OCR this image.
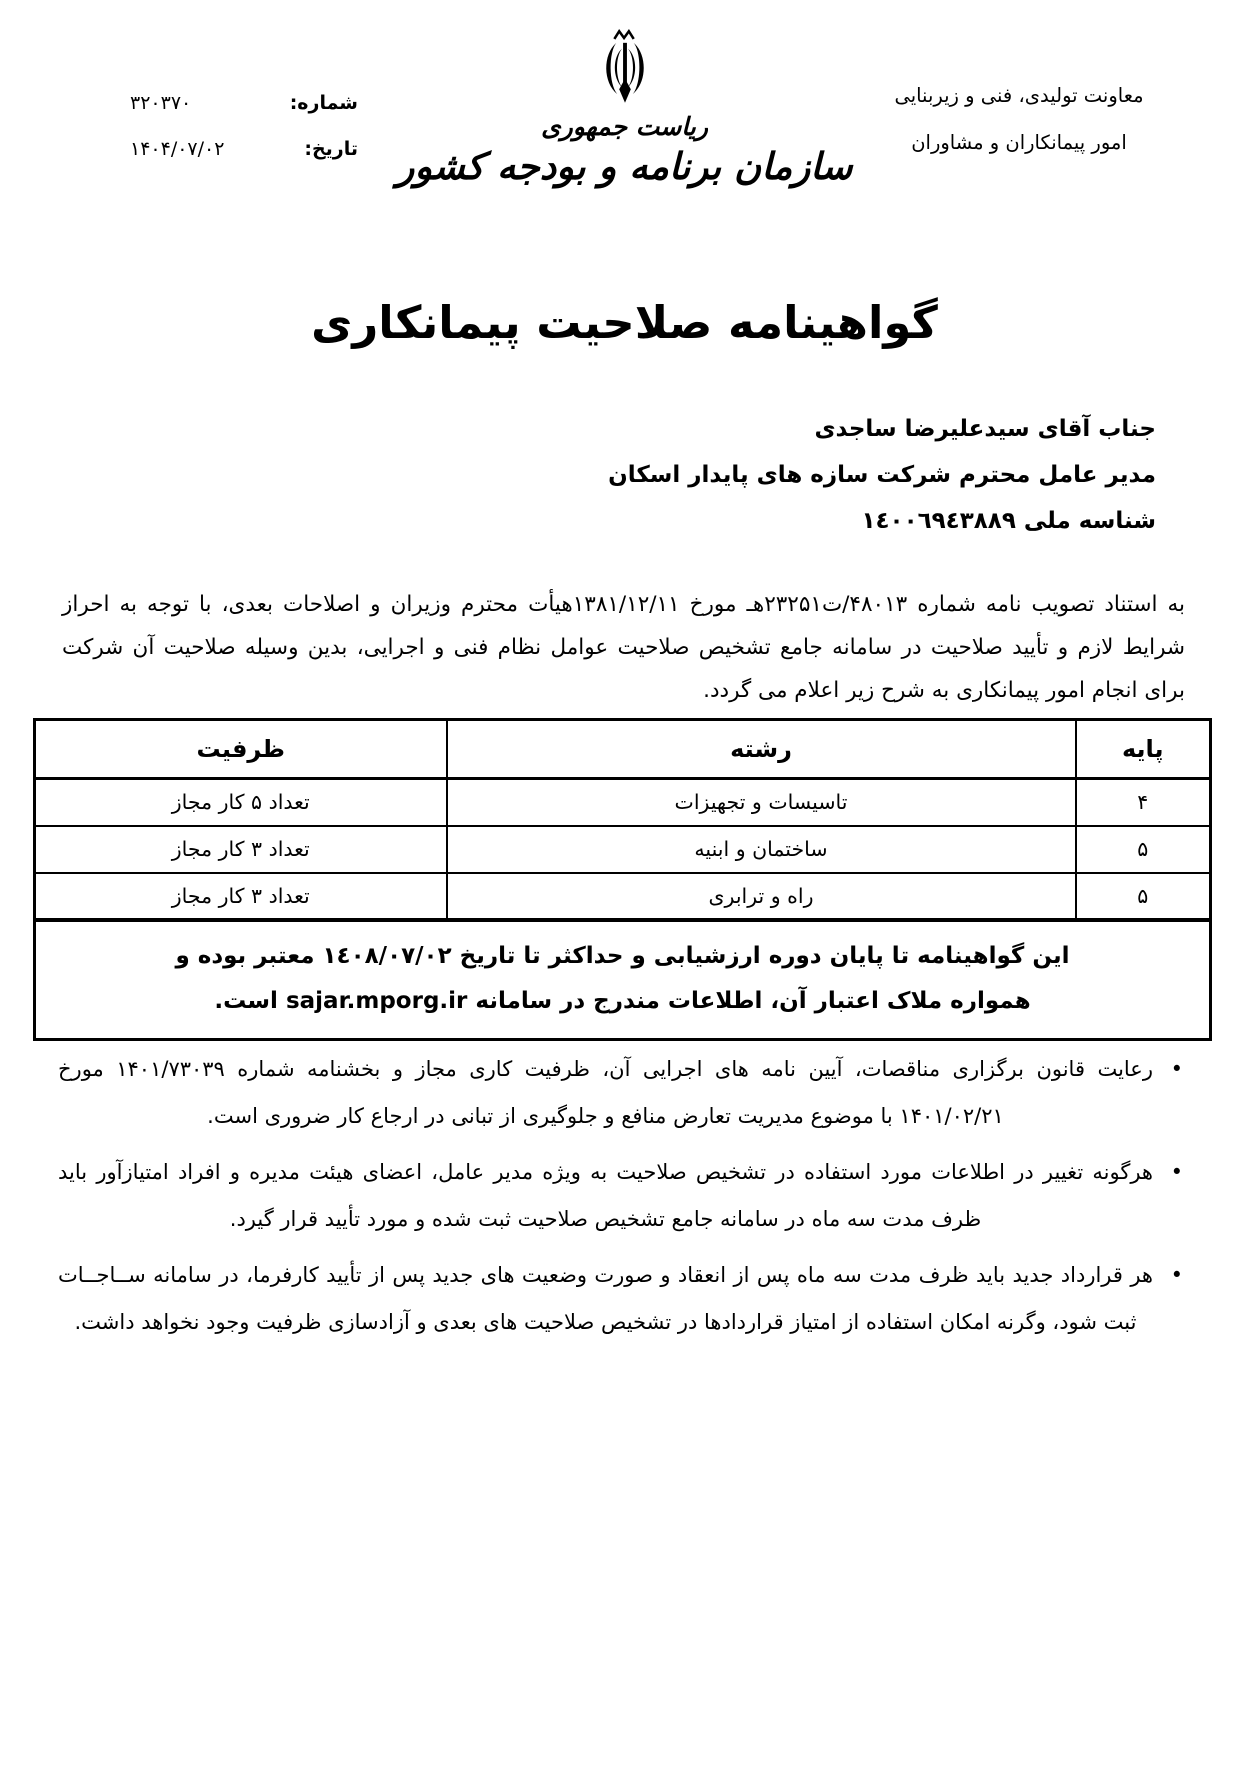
شماره:
۳۲۰۳۷۰
تاریخ:
۱۴۰۴/۰۷/۰۲
معاونت تولیدی، فنی و زیربنایی
امور پیمانکاران و مشاوران
ریاست جمهوری
سازمان برنامه و بودجه کشور
گواهینامه صلاحیت پیمانکاری
جناب آقای سیدعلیرضا ساجدی
مدیر عامل محترم شرکت سازه های پایدار اسکان
شناسه ملی ١٤٠٠٦٩٤٣٨٨٩

به استناد تصویب نامه شماره ۴۸۰۱۳/ت۲۳۲۵۱هـ مورخ ۱۳۸۱/۱۲/۱۱هیأت محترم وزیران و اصلاحات بعدی، با توجه به احراز شرایط لازم و تأیید صلاحیت در سامانه جامع تشخیص صلاحیت عوامل نظام فنی و اجرایی، بدین وسیله صلاحیت آن شرکت برای انجام امور پیمانکاری به شرح زیر اعلام می گردد.

پایه	رشته	ظرفیت
۴	تاسیسات و تجهیزات	تعداد ۵ کار مجاز
۵	ساختمان و ابنیه	تعداد ۳ کار مجاز
۵	راه و ترابری	تعداد ۳ کار مجاز

این گواهینامه تا پایان دوره ارزشیابی و حداکثر تا تاریخ ١٤٠٨/٠٧/٠٢ معتبر بوده و
همواره ملاک اعتبار آن، اطلاعات مندرج در سامانه sajar.mporg.ir است.		
• رعایت قانون برگزاری مناقصات، آیین نامه های اجرایی آن، ظرفیت کاری مجاز و بخشنامه شماره ۱۴۰۱/۷۳۰۳۹ مورخ ۱۴۰۱/۰۲/۲۱ با موضوع مدیریت تعارض منافع و جلوگیری از تبانی در ارجاع کار ضروری است.
• هرگونه تغییر در اطلاعات مورد استفاده در تشخیص صلاحیت به ویژه مدیر عامل، اعضای هیئت مدیره و افراد امتیازآور باید ظرف مدت سه ماه در سامانه جامع تشخیص صلاحیت ثبت شده و مورد تأیید قرار گیرد.
• هر قرارداد جدید باید ظرف مدت سه ماه پس از انعقاد و صورت وضعیت های جدید پس از تأیید کارفرما، در سامانه ســاجــات ثبت شود، وگرنه امکان استفاده از امتیاز قراردادها در تشخیص صلاحیت های بعدی و آزادسازی ظرفیت وجود نخواهد داشت.
